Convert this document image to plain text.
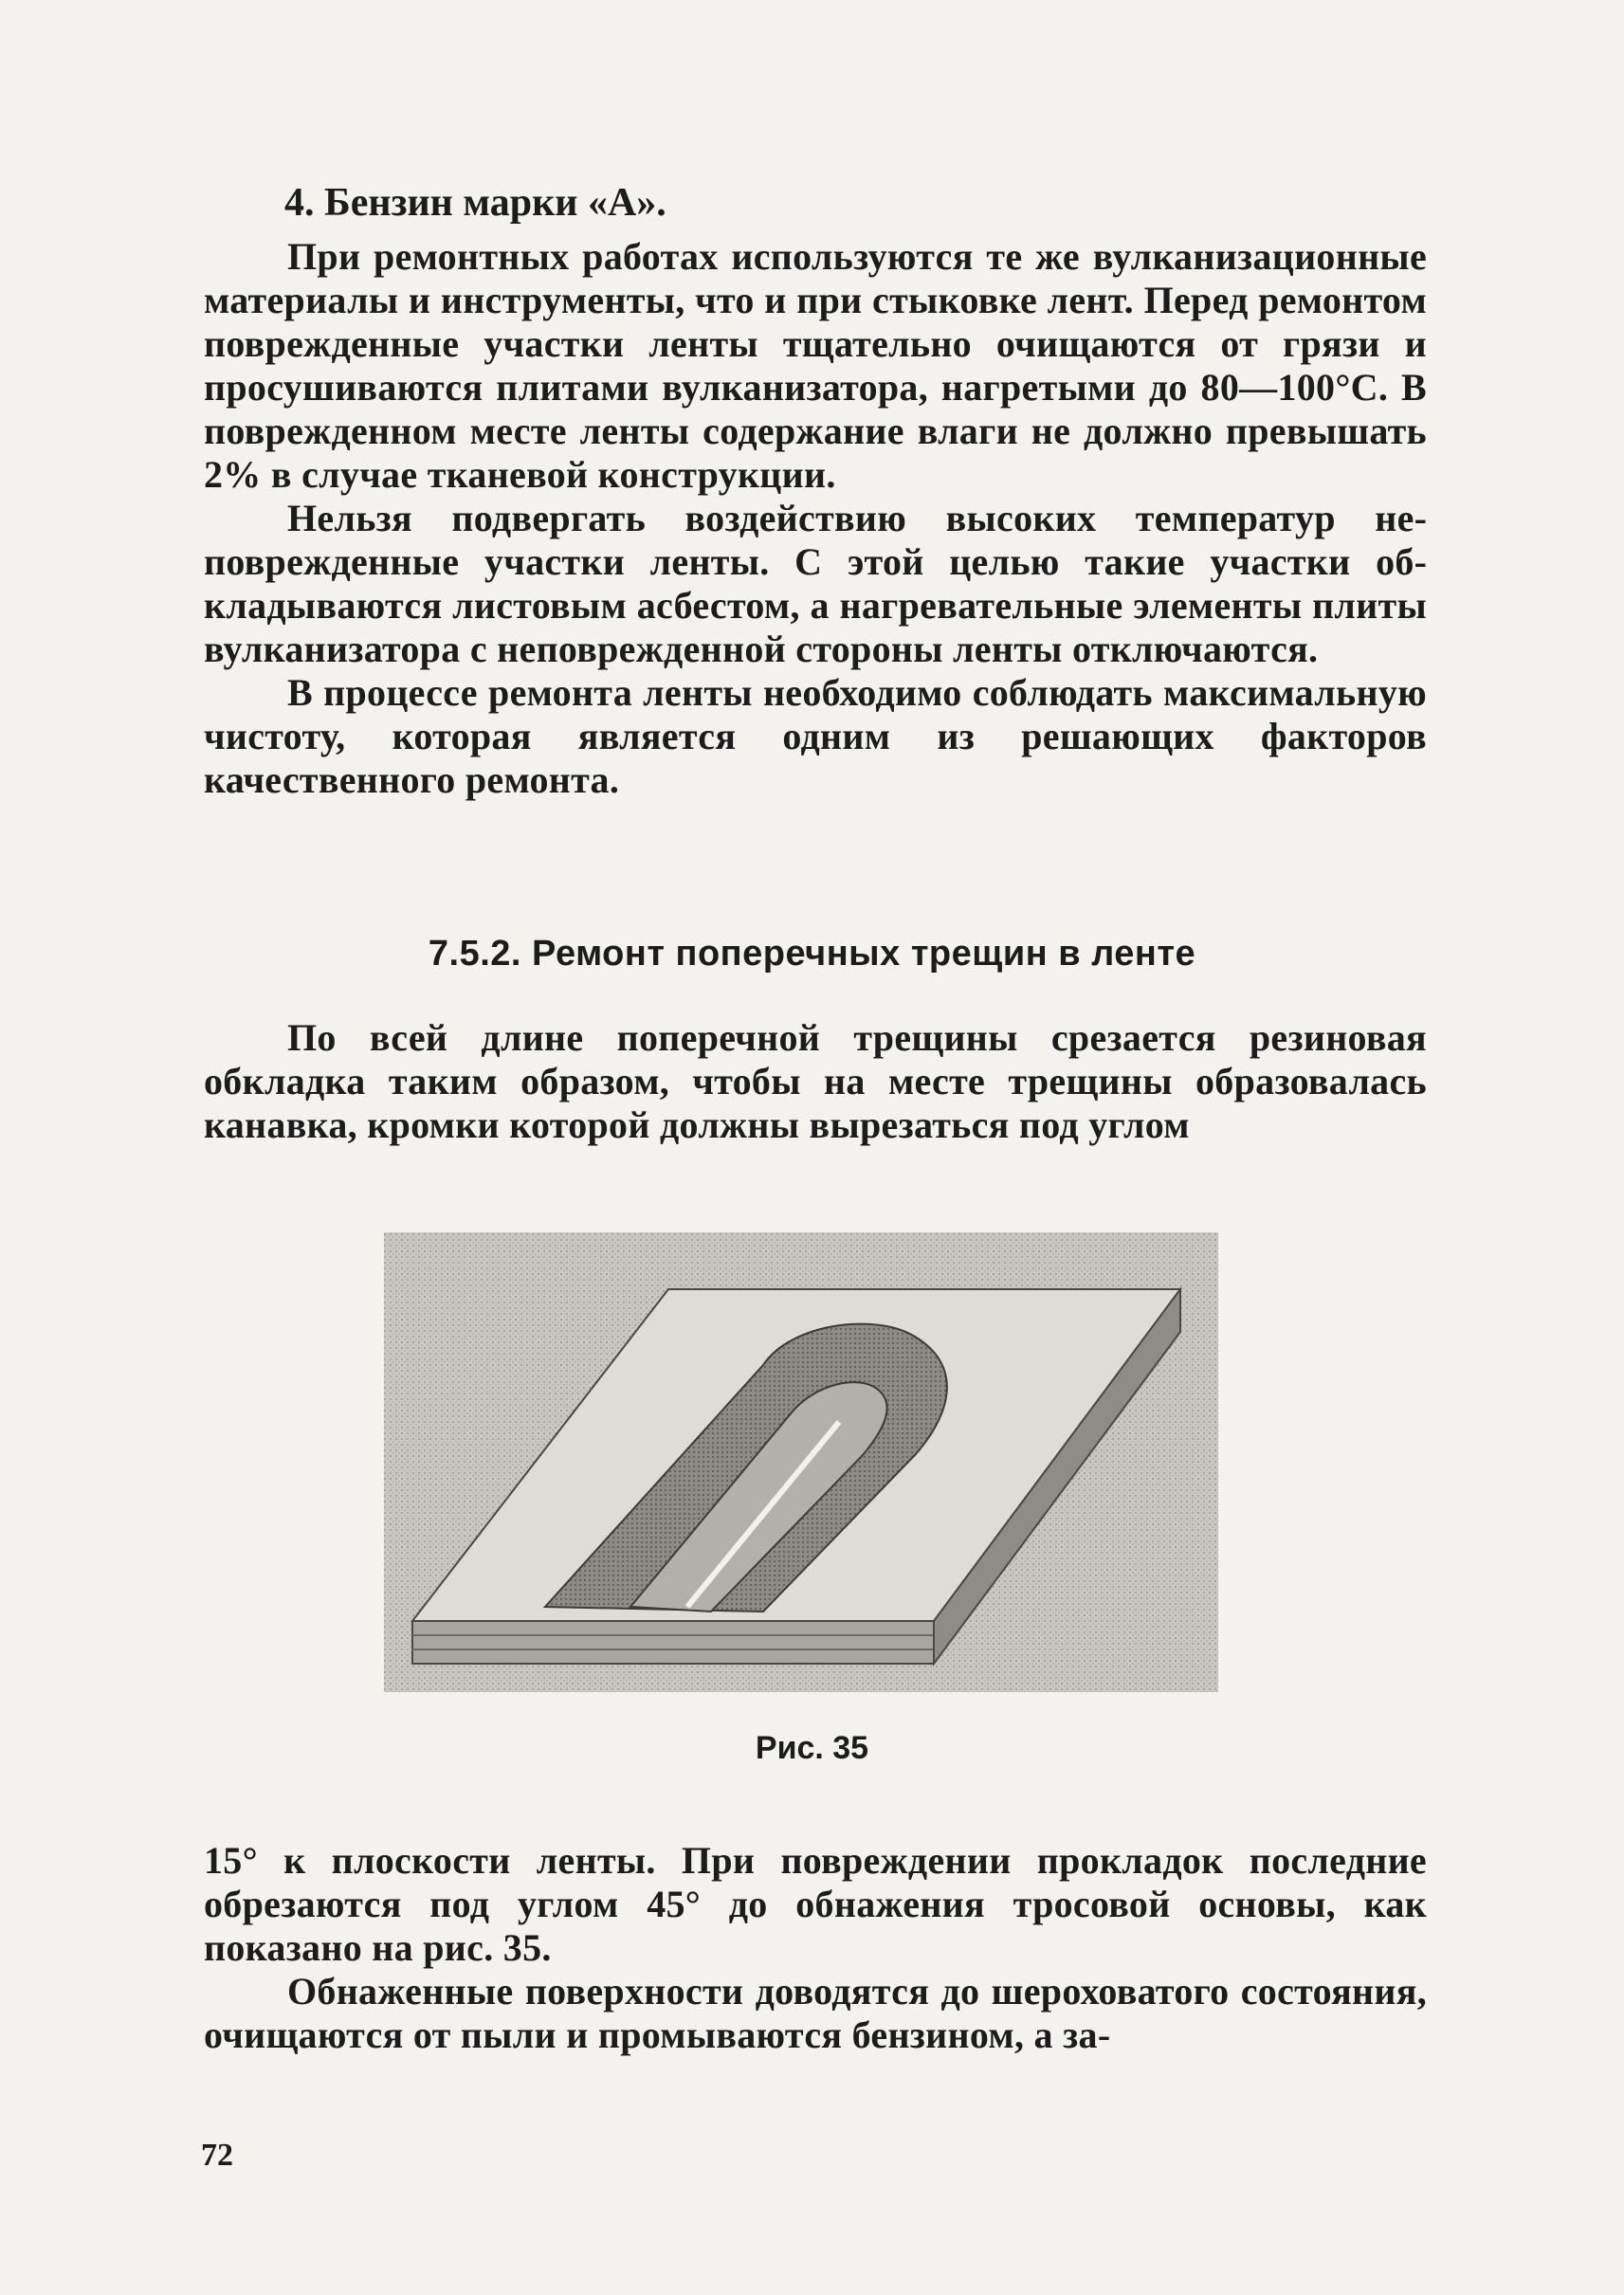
4. Бензин марки «А».

При ремонтных работах используются те же вулканизационные материалы и инструменты, что и при стыковке лент. Перед ремонтом поврежденные участки ленты тщательно очищаются от грязи и просушиваются плитами вулканизатора, нагретыми до 80—100°С. В поврежденном месте ленты содержание влаги не должно превышать 2% в случае тканевой конструкции.

Нельзя подвергать воздействию высоких температур неповрежденные участки ленты. С этой целью такие участки обкладываются листовым асбестом, а нагревательные элементы плиты вулканизатора с неповрежденной стороны ленты отключаются.

В процессе ремонта ленты необходимо соблюдать максимальную чистоту, которая является одним из решающих факторов качественного ремонта.

7.5.2. Ремонт поперечных трещин в ленте

По всей длине поперечной трещины срезается резиновая обкладка таким образом, чтобы на месте трещины образовалась канавка, кромки которой должны вырезаться под углом

Рис. 35

15° к плоскости ленты. При повреждении прокладок последние обрезаются под углом 45° до обнажения тросовой основы, как показано на рис. 35.

Обнаженные поверхности доводятся до шероховатого состояния, очищаются от пыли и промываются бензином, а за-

72
